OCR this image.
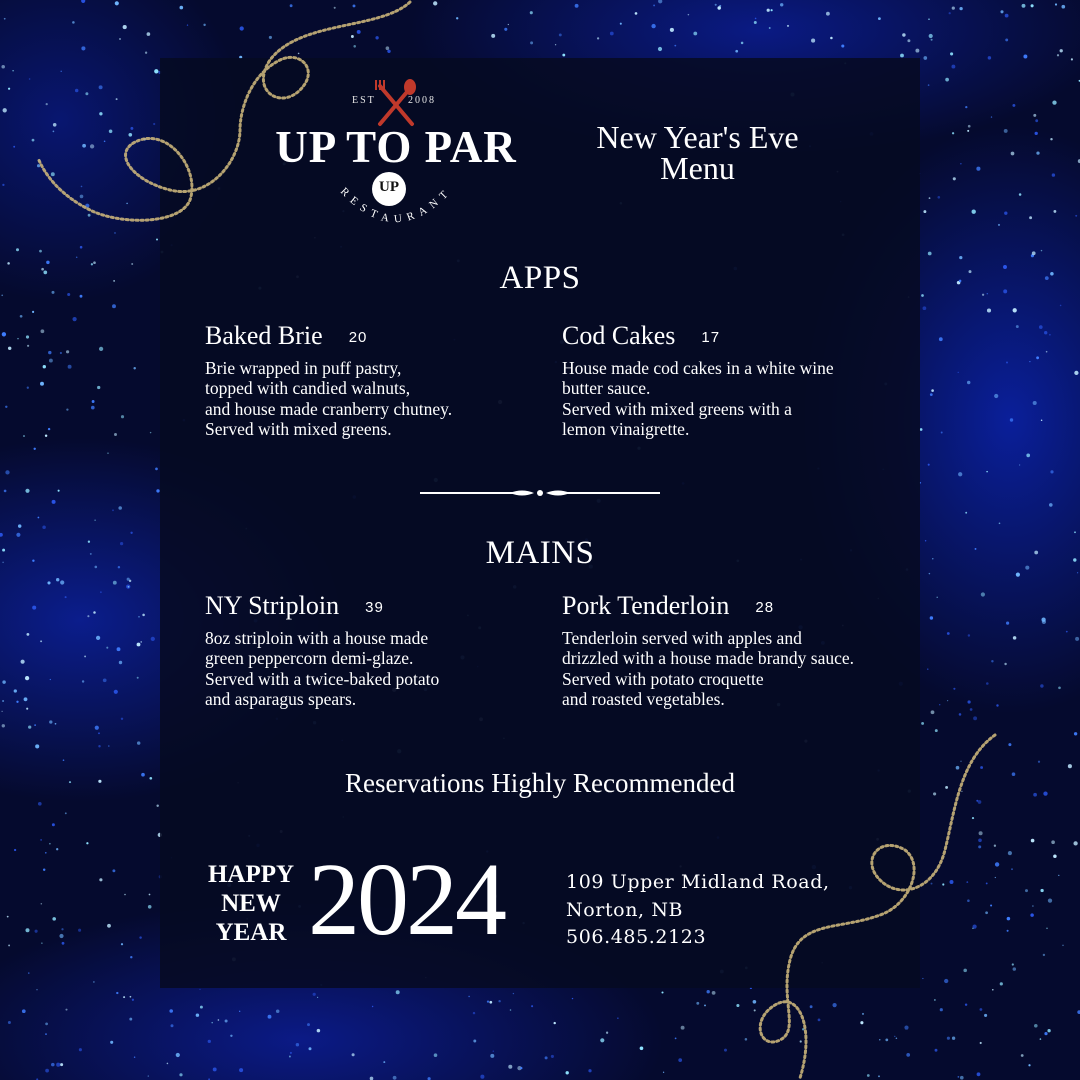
EST	2008
UP TO PAR
UP
RESTAURANT
New Year's Eve Menu
APPS
Baked Brie 20
Brie wrapped in puff pastry,
topped with candied walnuts,
and house made cranberry chutney.
Served with mixed greens.
Cod Cakes 17
House made cod cakes in a white wine
butter sauce.
Served with mixed greens with a
lemon vinaigrette.
MAINS
NY Striploin 39
8oz striploin with a house made
green peppercorn demi-glaze.
Served with a twice-baked potato
and asparagus spears.
Pork Tenderloin 28
Tenderloin served with apples and
drizzled with a house made brandy sauce.
Served with potato croquette
and roasted vegetables.
Reservations Highly Recommended
HAPPY
NEW
YEAR 2024	109 Upper Midland Road,
Norton, NB
506.485.2123
